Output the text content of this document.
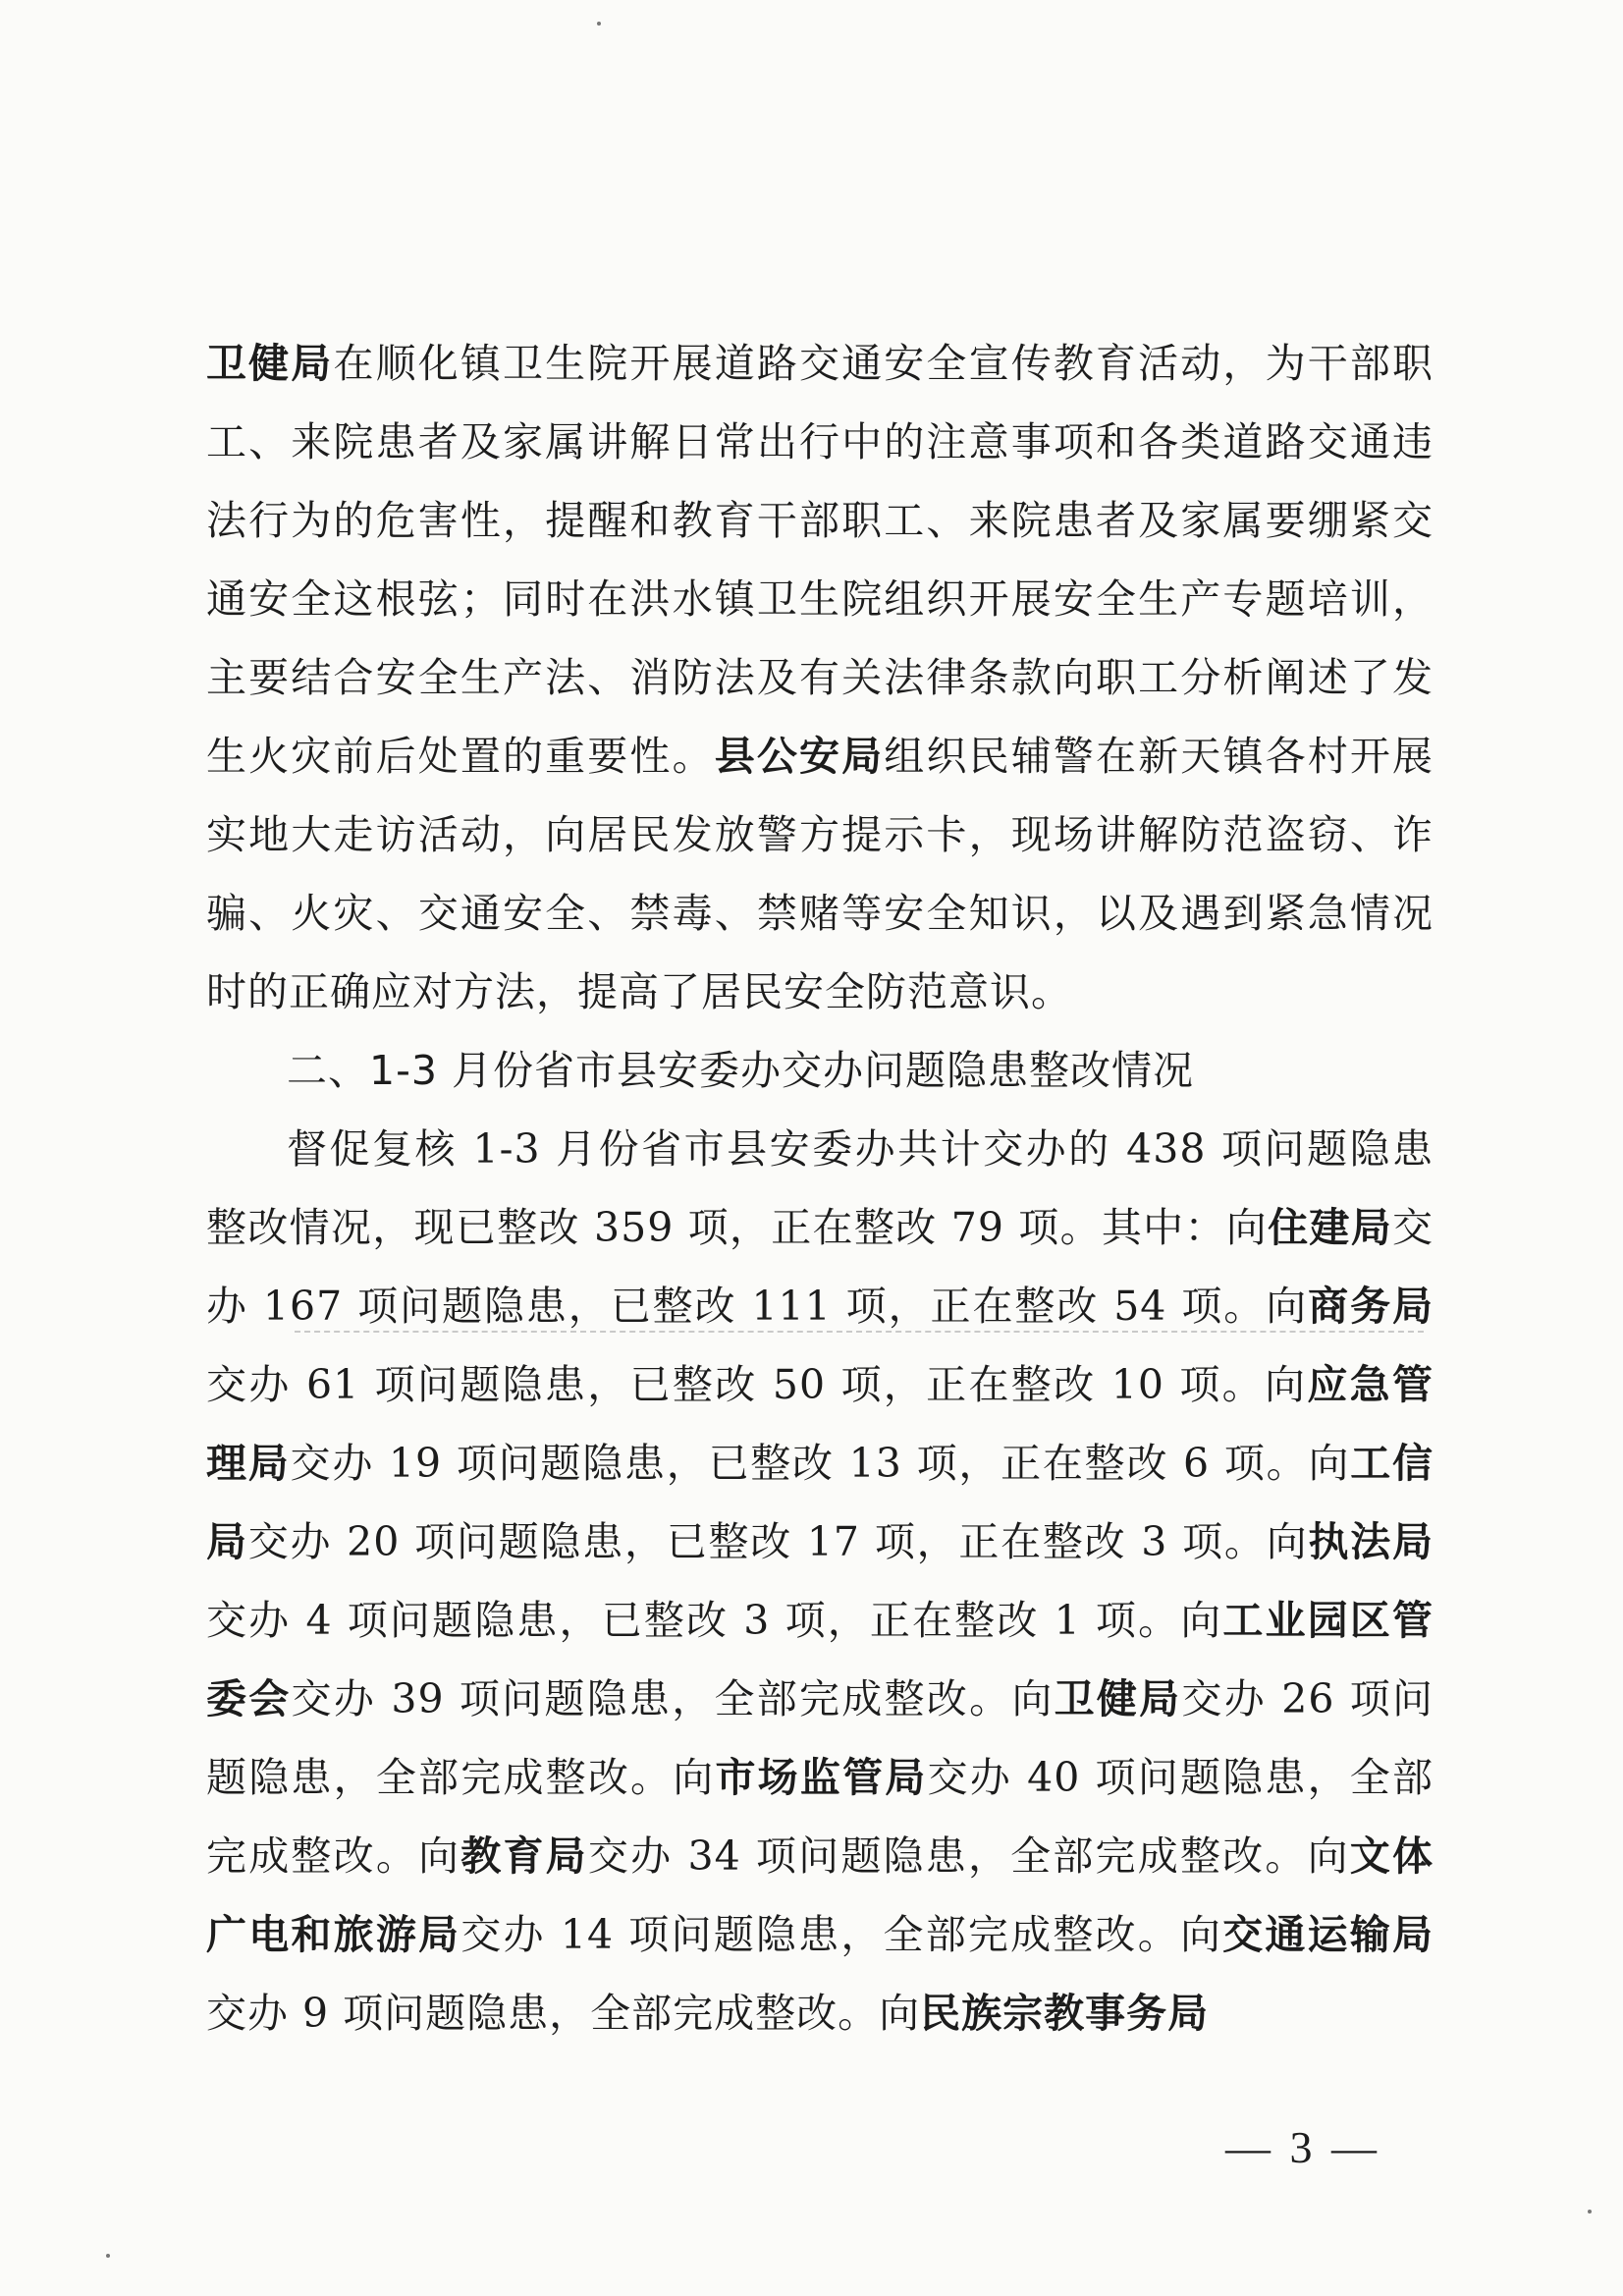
卫健局在顺化镇卫生院开展道路交通安全宣传教育活动，为干部职工、来院患者及家属讲解日常出行中的注意事项和各类道路交通违法行为的危害性，提醒和教育干部职工、来院患者及家属要绷紧交通安全这根弦；同时在洪水镇卫生院组织开展安全生产专题培训，主要结合安全生产法、消防法及有关法律条款向职工分析阐述了发生火灾前后处置的重要性。县公安局组织民辅警在新天镇各村开展实地大走访活动，向居民发放警方提示卡，现场讲解防范盗窃、诈骗、火灾、交通安全、禁毒、禁赌等安全知识，以及遇到紧急情况时的正确应对方法，提高了居民安全防范意识。

二、1-3 月份省市县安委办交办问题隐患整改情况

督促复核 1-3 月份省市县安委办共计交办的 438 项问题隐患整改情况，现已整改 359 项，正在整改 79 项。其中：向住建局交办 167 项问题隐患，已整改 111 项，正在整改 54 项。向商务局交办 61 项问题隐患，已整改 50 项，正在整改 10 项。向应急管理局交办 19 项问题隐患，已整改 13 项，正在整改 6 项。向工信局交办 20 项问题隐患，已整改 17 项，正在整改 3 项。向执法局交办 4 项问题隐患，已整改 3 项，正在整改 1 项。向工业园区管委会交办 39 项问题隐患，全部完成整改。向卫健局交办 26 项问题隐患，全部完成整改。向市场监管局交办 40 项问题隐患，全部完成整改。向教育局交办 34 项问题隐患，全部完成整改。向文体广电和旅游局交办 14 项问题隐患，全部完成整改。向交通运输局交办 9 项问题隐患，全部完成整改。向民族宗教事务局

— 3 —
